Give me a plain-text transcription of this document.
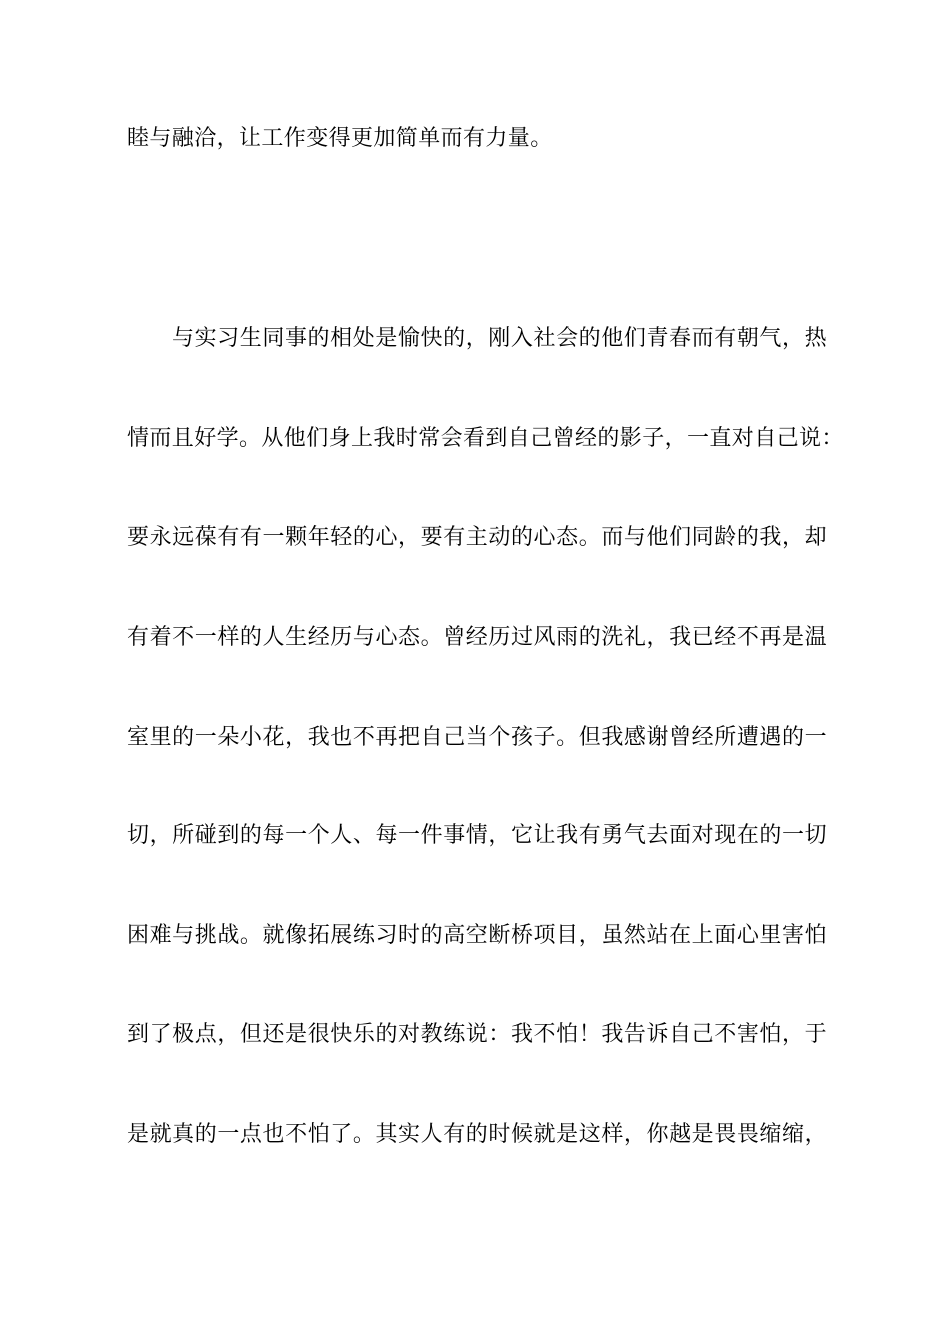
睦与融洽，让工作变得更加简单而有力量。
与实习生同事的相处是愉快的，刚入社会的他们青春而有朝气，热
情而且好学。从他们身上我时常会看到自己曾经的影子，一直对自己说：
要永远葆有有一颗年轻的心，要有主动的心态。而与他们同龄的我，却
有着不一样的人生经历与心态。曾经历过风雨的洗礼，我已经不再是温
室里的一朵小花，我也不再把自己当个孩子。但我感谢曾经所遭遇的一
切，所碰到的每一个人、每一件事情，它让我有勇气去面对现在的一切
困难与挑战。就像拓展练习时的高空断桥项目，虽然站在上面心里害怕
到了极点，但还是很快乐的对教练说：我不怕！我告诉自己不害怕，于
是就真的一点也不怕了。其实人有的时候就是这样，你越是畏畏缩缩，
